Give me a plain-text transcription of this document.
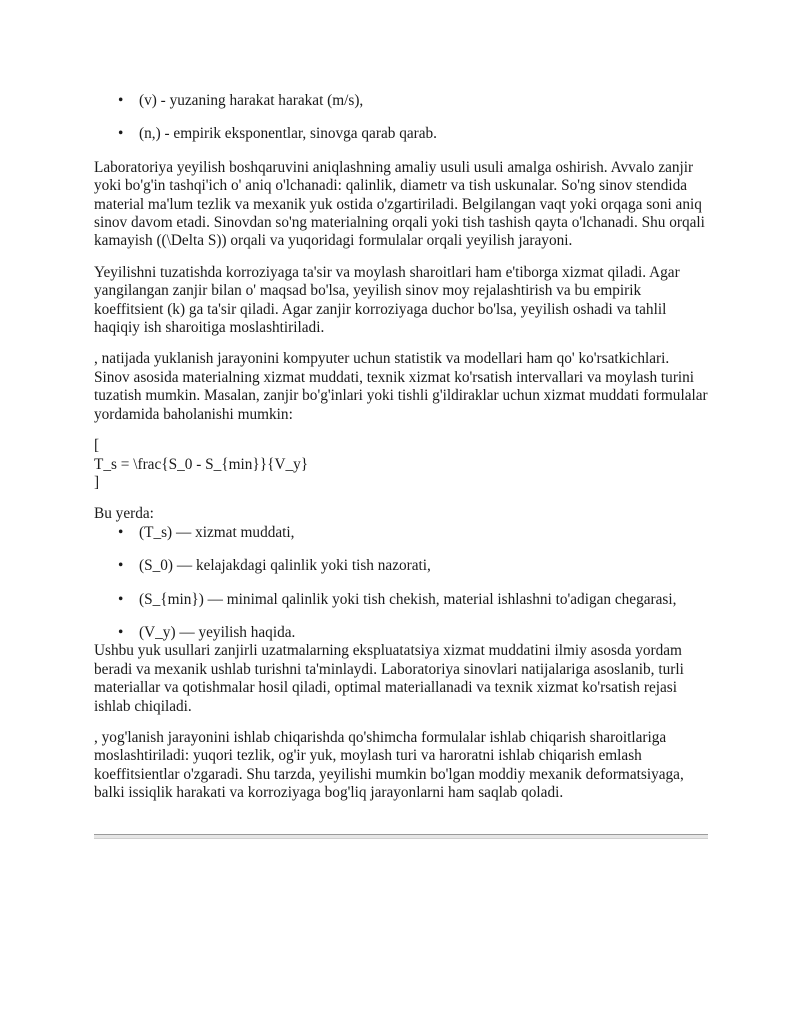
• (v) - yuzaning harakat harakat (m/s),
• (n,) - empirik eksponentlar, sinovga qarab qarab.

Laboratoriya yeyilish boshqaruvini aniqlashning amaliy usuli usuli amalga oshirish. Avvalo zanjir yoki bo'g'in tashqi'ich o' aniq o'lchanadi: qalinlik, diametr va tish uskunalar. So'ng sinov stendida material ma'lum tezlik va mexanik yuk ostida o'zgartiriladi. Belgilangan vaqt yoki orqaga soni aniq sinov davom etadi. Sinovdan so'ng materialning orqali yoki tish tashish qayta o'lchanadi. Shu orqali kamayish ((\Delta S)) orqali va yuqoridagi formulalar orqali yeyilish jarayoni.

Yeyilishni tuzatishda korroziyaga ta'sir va moylash sharoitlari ham e'tiborga xizmat qiladi. Agar yangilangan zanjir bilan o' maqsad bo'lsa, yeyilish sinov moy rejalashtirish va bu empirik koeffitsient (k) ga ta'sir qiladi. Agar zanjir korroziyaga duchor bo'lsa, yeyilish oshadi va tahlil haqiqiy ish sharoitiga moslashtiriladi.

, natijada yuklanish jarayonini kompyuter uchun statistik va modellari ham qo' ko'rsatkichlari. Sinov asosida materialning xizmat muddati, texnik xizmat ko'rsatish intervallari va moylash turini tuzatish mumkin. Masalan, zanjir bo'g'inlari yoki tishli g'ildiraklar uchun xizmat muddati formulalar yordamida baholanishi mumkin:

[
T_s = \frac{S_0 - S_{min}}{V_y}
]

Bu yerda:

• (T_s) — xizmat muddati,
• (S_0) — kelajakdagi qalinlik yoki tish nazorati,
• (S_{min}) — minimal qalinlik yoki tish chekish, material ishlashni to'adigan chegarasi,
• (V_y) — yeyilish haqida.

Ushbu yuk usullari zanjirli uzatmalarning ekspluatatsiya xizmat muddatini ilmiy asosda yordam beradi va mexanik ushlab turishni ta'minlaydi. Laboratoriya sinovlari natijalariga asoslanib, turli materiallar va qotishmalar hosil qiladi, optimal materiallanadi va texnik xizmat ko'rsatish rejasi ishlab chiqiladi.

, yog'lanish jarayonini ishlab chiqarishda qo'shimcha formulalar ishlab chiqarish sharoitlariga moslashtiriladi: yuqori tezlik, og'ir yuk, moylash turi va haroratni ishlab chiqarish emlash koeffitsientlar o'zgaradi. Shu tarzda, yeyilishi mumkin bo'lgan moddiy mexanik deformatsiyaga, balki issiqlik harakati va korroziyaga bog'liq jarayonlarni ham saqlab qoladi.
